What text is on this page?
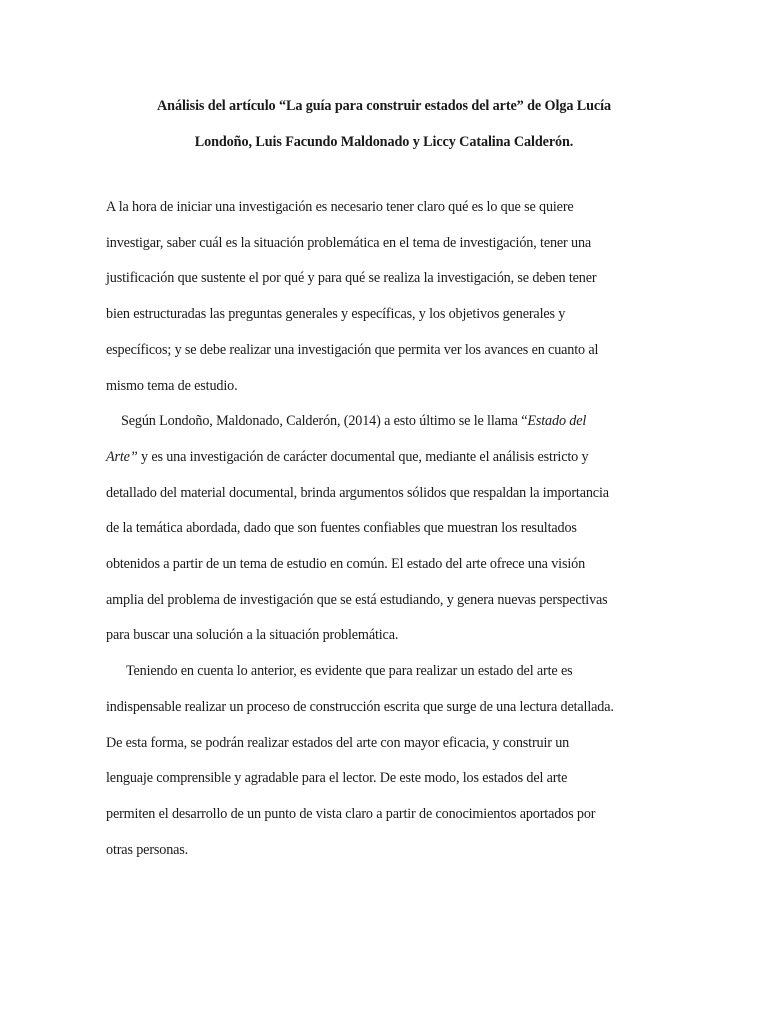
Análisis del artículo “La guía para construir estados del arte” de Olga Lucía
Londoño, Luis Facundo Maldonado y Liccy Catalina Calderón.
A la hora de iniciar una investigación es necesario tener claro qué es lo que se quiere
investigar, saber cuál es la situación problemática en el tema de investigación, tener una
justificación que sustente el por qué y para qué se realiza la investigación, se deben tener
bien estructuradas las preguntas generales y específicas, y los objetivos generales y
específicos; y se debe realizar una investigación que permita ver los avances en cuanto al
mismo tema de estudio.
Según Londoño, Maldonado, Calderón, (2014) a esto último se le llama “Estado del
Arte” y es una investigación de carácter documental que, mediante el análisis estricto y
detallado del material documental, brinda argumentos sólidos que respaldan la importancia
de la temática abordada, dado que son fuentes confiables que muestran los resultados
obtenidos a partir de un tema de estudio en común. El estado del arte ofrece una visión
amplia del problema de investigación que se está estudiando, y genera nuevas perspectivas
para buscar una solución a la situación problemática.
Teniendo en cuenta lo anterior, es evidente que para realizar un estado del arte es
indispensable realizar un proceso de construcción escrita que surge de una lectura detallada.
De esta forma, se podrán realizar estados del arte con mayor eficacia, y construir un
lenguaje comprensible y agradable para el lector. De este modo, los estados del arte
permiten el desarrollo de un punto de vista claro a partir de conocimientos aportados por
otras personas.
